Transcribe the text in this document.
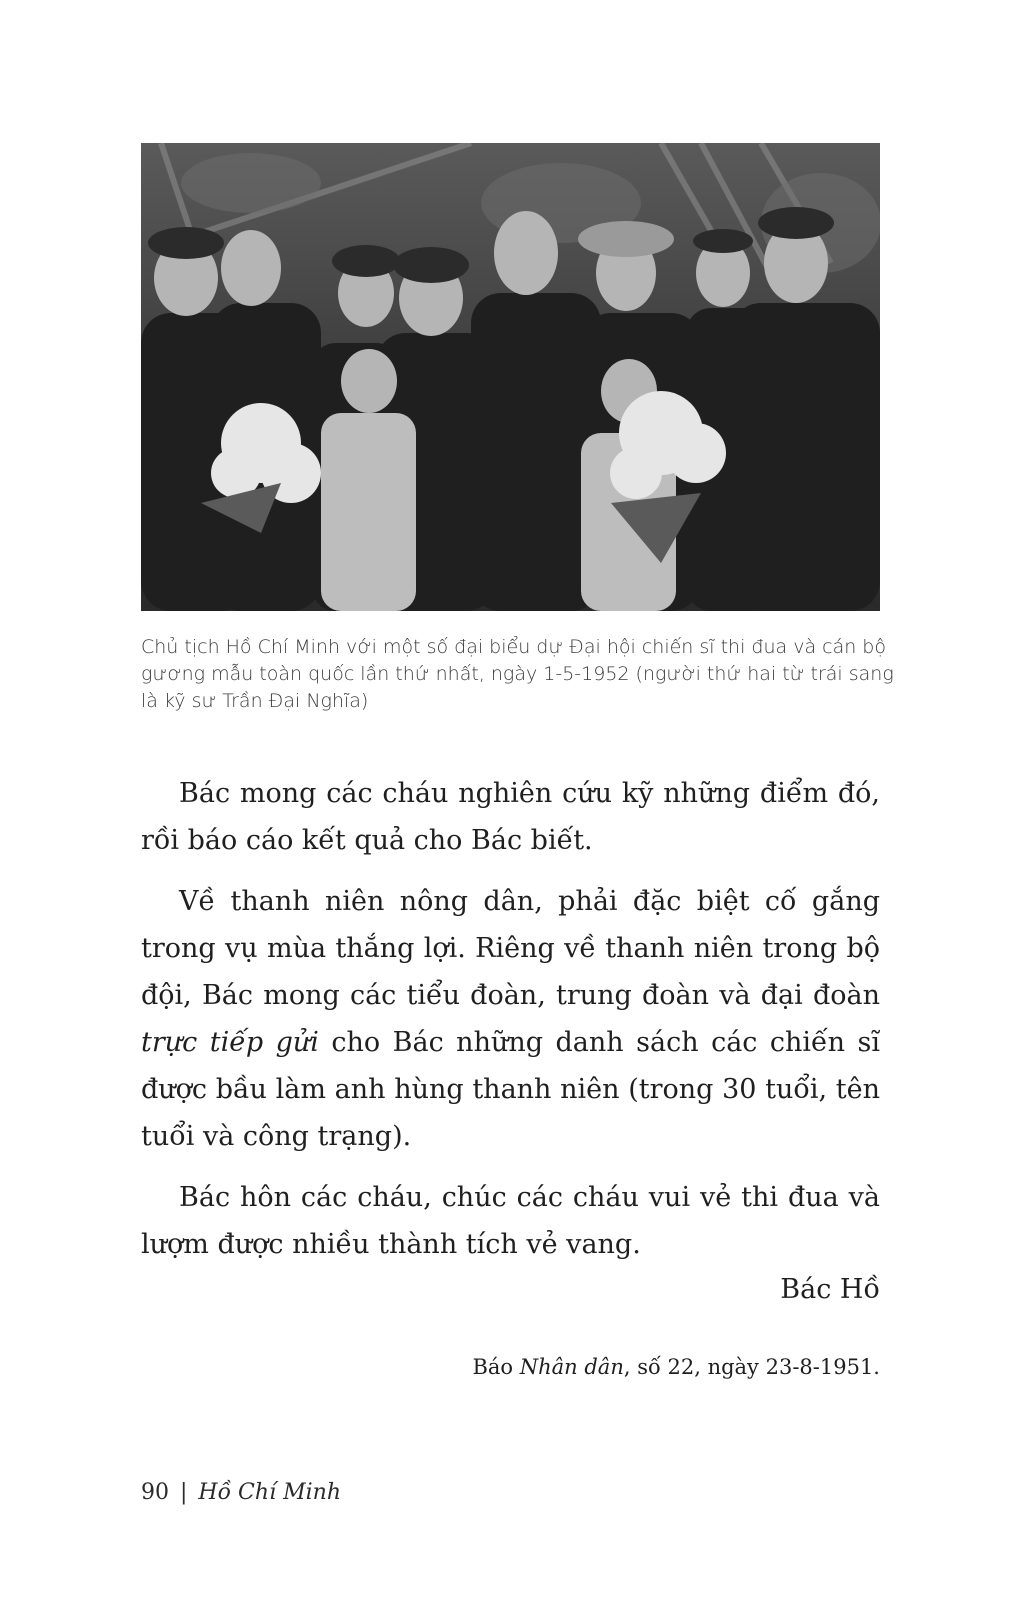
Chủ tịch Hồ Chí Minh với một số đại biểu dự Đại hội chiến sĩ thi đua và cán bộ gương mẫu toàn quốc lần thứ nhất, ngày 1-5-1952 (người thứ hai từ trái sang là kỹ sư Trần Đại Nghĩa)

Bác mong các cháu nghiên cứu kỹ những điểm đó, rồi báo cáo kết quả cho Bác biết.

Về thanh niên nông dân, phải đặc biệt cố gắng trong vụ mùa thắng lợi. Riêng về thanh niên trong bộ đội, Bác mong các tiểu đoàn, trung đoàn và đại đoàn trực tiếp gửi cho Bác những danh sách các chiến sĩ được bầu làm anh hùng thanh niên (trong 30 tuổi, tên tuổi và công trạng).

Bác hôn các cháu, chúc các cháu vui vẻ thi đua và lượm được nhiều thành tích vẻ vang.

Bác Hồ
Báo Nhân dân, số 22, ngày 23-8-1951.
90 | Hồ Chí Minh
